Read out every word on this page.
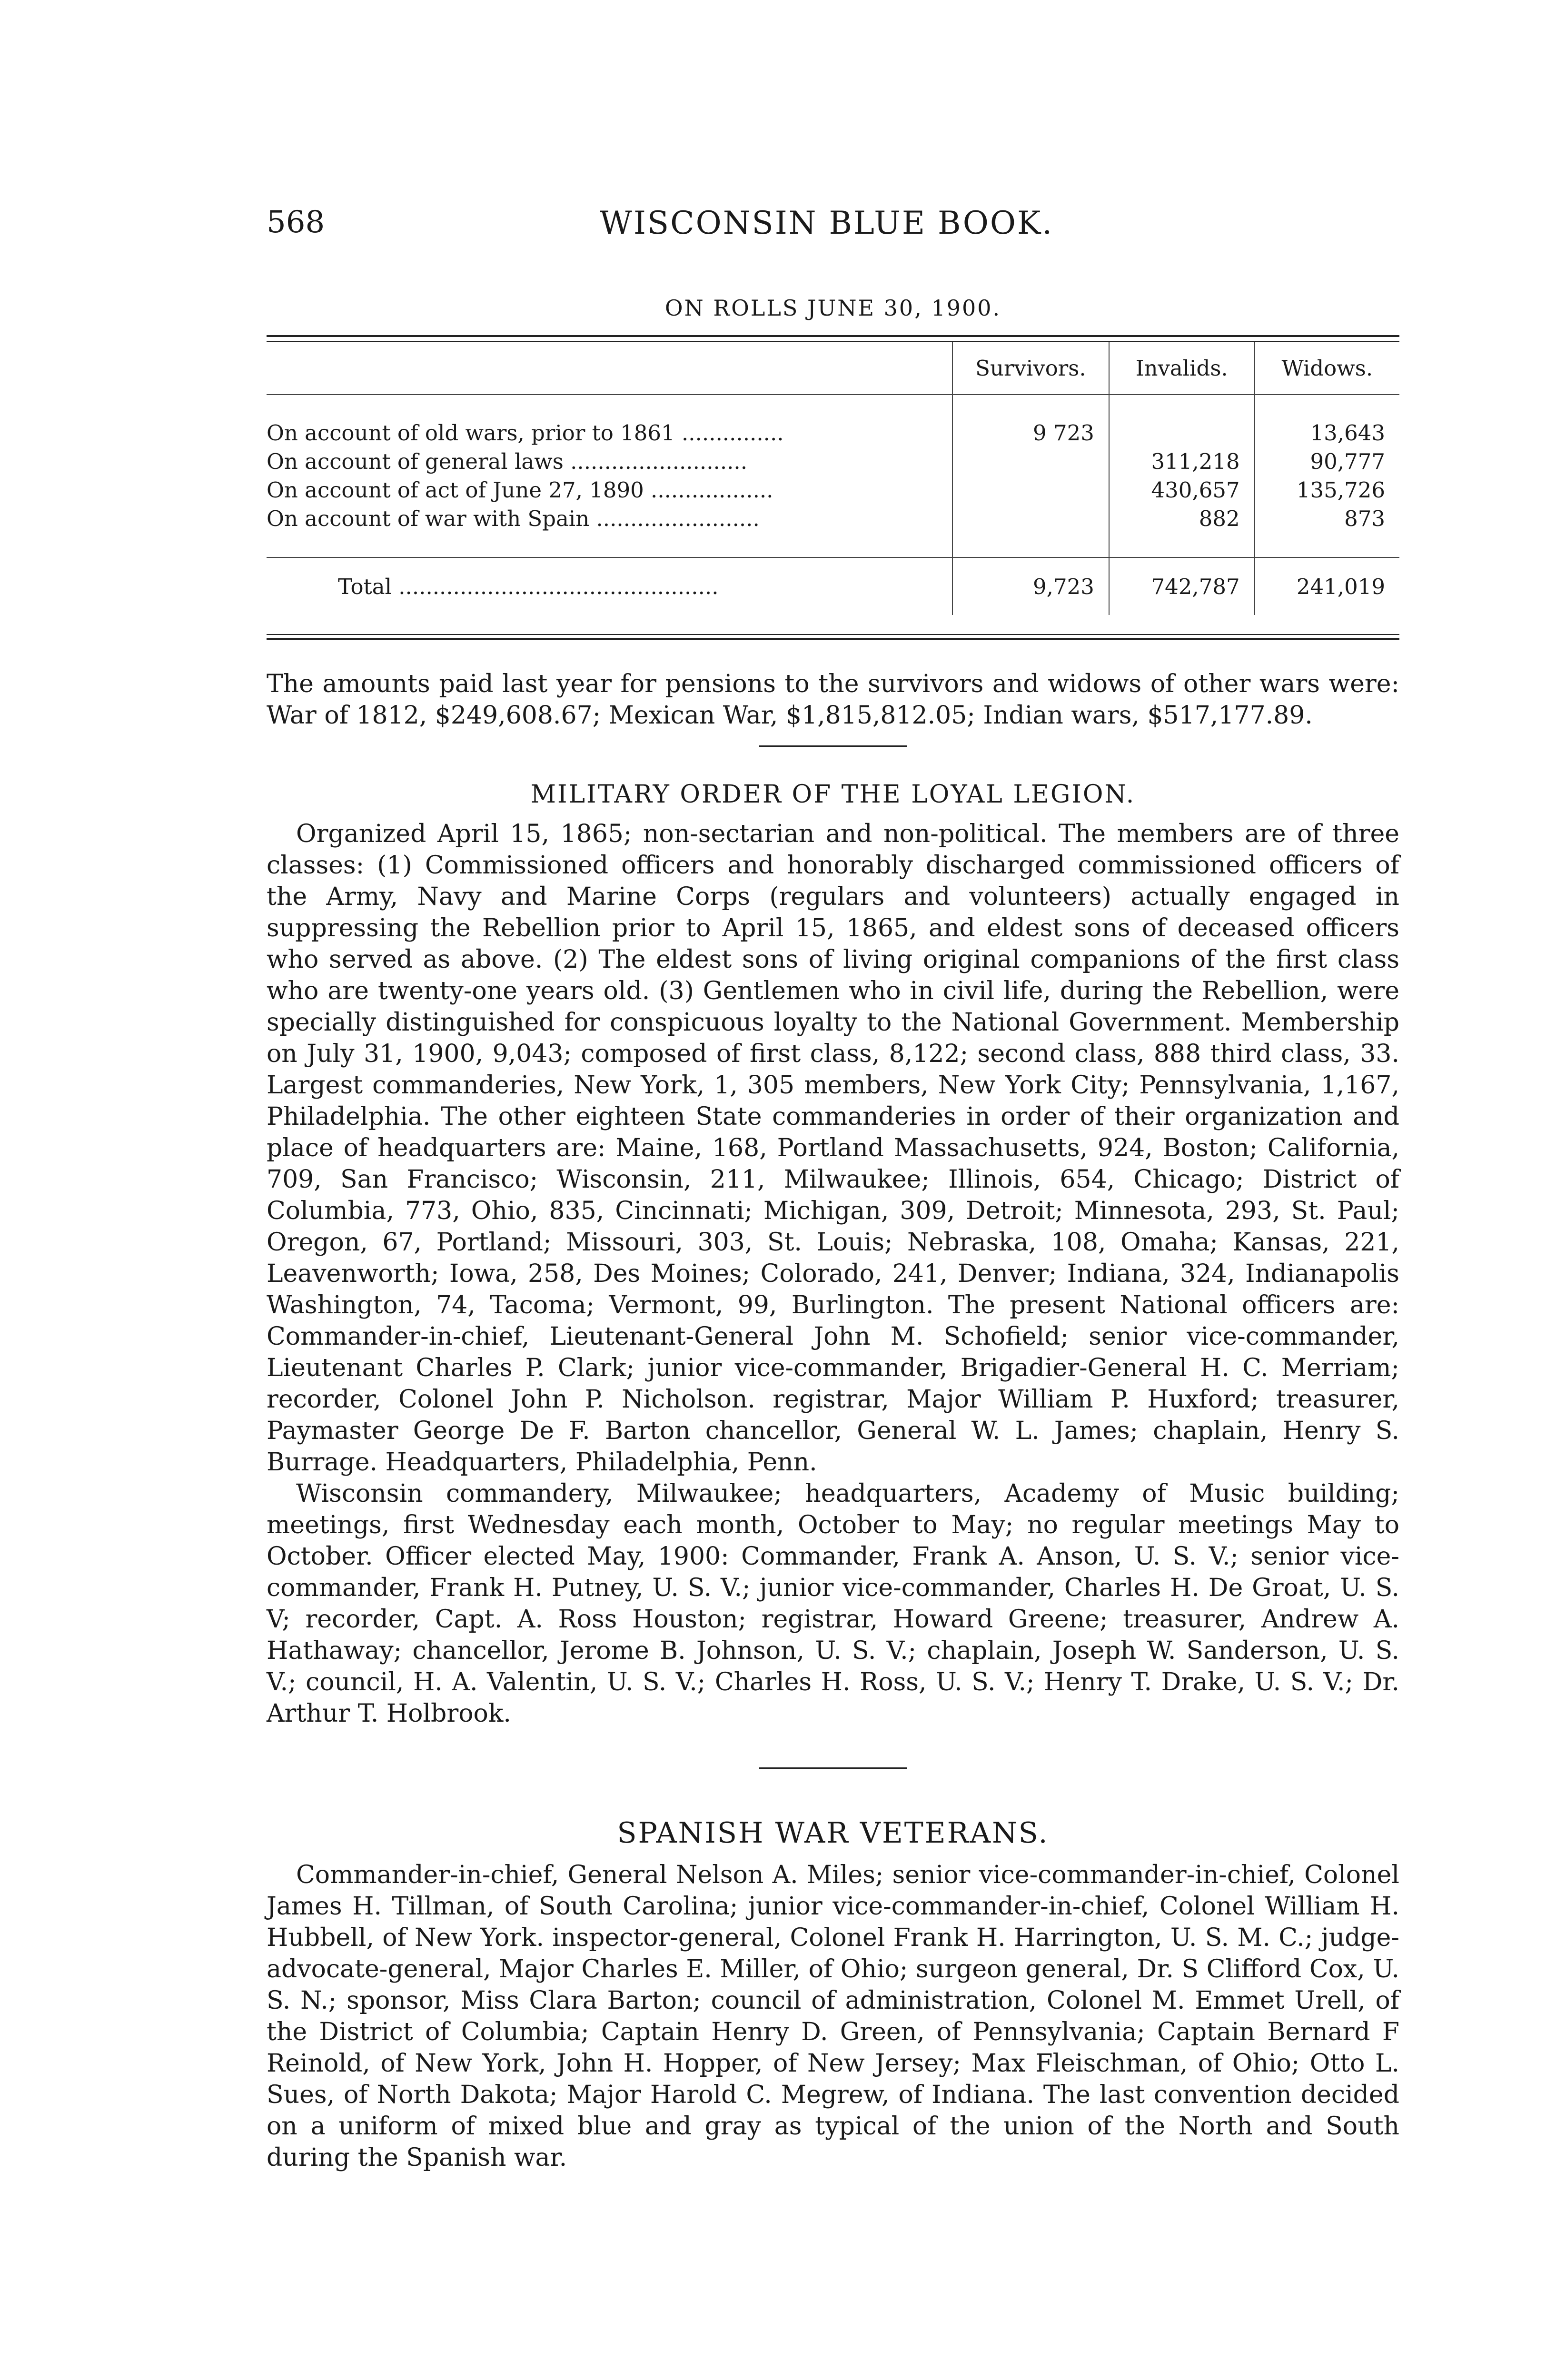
568	WISCONSIN BLUE BOOK.
ON ROLLS JUNE 30, 1900.
	Survivors.	Invalids.	Widows.

On account of old wars, prior to 1861 ...............	9 723		13,643
On account of general laws ..........................		311,218	90,777
On account of act of June 27, 1890 ..................		430,657	135,726
On account of war with Spain ........................		882	873

Total ...............................................	9,723	742,787	241,019

The amounts paid last year for pensions to the survivors and widows of other wars were: War of 1812, $249,608.67; Mexican War, $1,815,812.05; Indian wars, $517,177.89.

MILITARY ORDER OF THE LOYAL LEGION.

Organized April 15, 1865; non-sectarian and non-political. The members are of three classes: (1) Commissioned officers and honorably discharged commissioned officers of the Army, Navy and Marine Corps (regulars and volunteers) actually engaged in suppressing the Rebellion prior to April 15, 1865, and eldest sons of deceased officers who served as above. (2) The eldest sons of living original companions of the first class who are twenty-one years old. (3) Gentlemen who in civil life, during the Rebellion, were specially distinguished for conspicuous loyalty to the National Government. Membership on July 31, 1900, 9,043; composed of first class, 8,122; second class, 888 third class, 33. Largest commanderies, New York, 1, 305 members, New York City; Pennsylvania, 1,167, Philadelphia. The other eighteen State commanderies in order of their organization and place of headquarters are: Maine, 168, Portland Massachusetts, 924, Boston; California, 709, San Francisco; Wisconsin, 211, Milwaukee; Illinois, 654, Chicago; District of Columbia, 773, Ohio, 835, Cincinnati; Michigan, 309, Detroit; Minnesota, 293, St. Paul; Oregon, 67, Portland; Missouri, 303, St. Louis; Nebraska, 108, Omaha; Kansas, 221, Leavenworth; Iowa, 258, Des Moines; Colorado, 241, Denver; Indiana, 324, Indianapolis Washington, 74, Tacoma; Vermont, 99, Burlington. The present National officers are: Commander-in-chief, Lieutenant-General John M. Schofield; senior vice-commander, Lieutenant Charles P. Clark; junior vice-commander, Brigadier-General H. C. Merriam; recorder, Colonel John P. Nicholson. registrar, Major William P. Huxford; treasurer, Paymaster George De F. Barton chancellor, General W. L. James; chaplain, Henry S. Burrage. Headquarters, Philadelphia, Penn.

Wisconsin commandery, Milwaukee; headquarters, Academy of Music building; meetings, first Wednesday each month, October to May; no regular meetings May to October. Officer elected May, 1900: Commander, Frank A. Anson, U. S. V.; senior vice-commander, Frank H. Putney, U. S. V.; junior vice-commander, Charles H. De Groat, U. S. V; recorder, Capt. A. Ross Houston; registrar, Howard Greene; treasurer, Andrew A. Hathaway; chancellor, Jerome B. Johnson, U. S. V.; chaplain, Joseph W. Sanderson, U. S. V.; council, H. A. Valentin, U. S. V.; Charles H. Ross, U. S. V.; Henry T. Drake, U. S. V.; Dr. Arthur T. Holbrook.

SPANISH WAR VETERANS.

Commander-in-chief, General Nelson A. Miles; senior vice-commander-in-chief, Colonel James H. Tillman, of South Carolina; junior vice-commander-in-chief, Colonel William H. Hubbell, of New York. inspector-general, Colonel Frank H. Harrington, U. S. M. C.; judge-advocate-general, Major Charles E. Miller, of Ohio; surgeon general, Dr. S Clifford Cox, U. S. N.; sponsor, Miss Clara Barton; council of administration, Colonel M. Emmet Urell, of the District of Columbia; Captain Henry D. Green, of Pennsylvania; Captain Bernard F Reinold, of New York, John H. Hopper, of New Jersey; Max Fleischman, of Ohio; Otto L. Sues, of North Dakota; Major Harold C. Megrew, of Indiana. The last convention decided on a uniform of mixed blue and gray as typical of the union of the North and South during the Spanish war.
